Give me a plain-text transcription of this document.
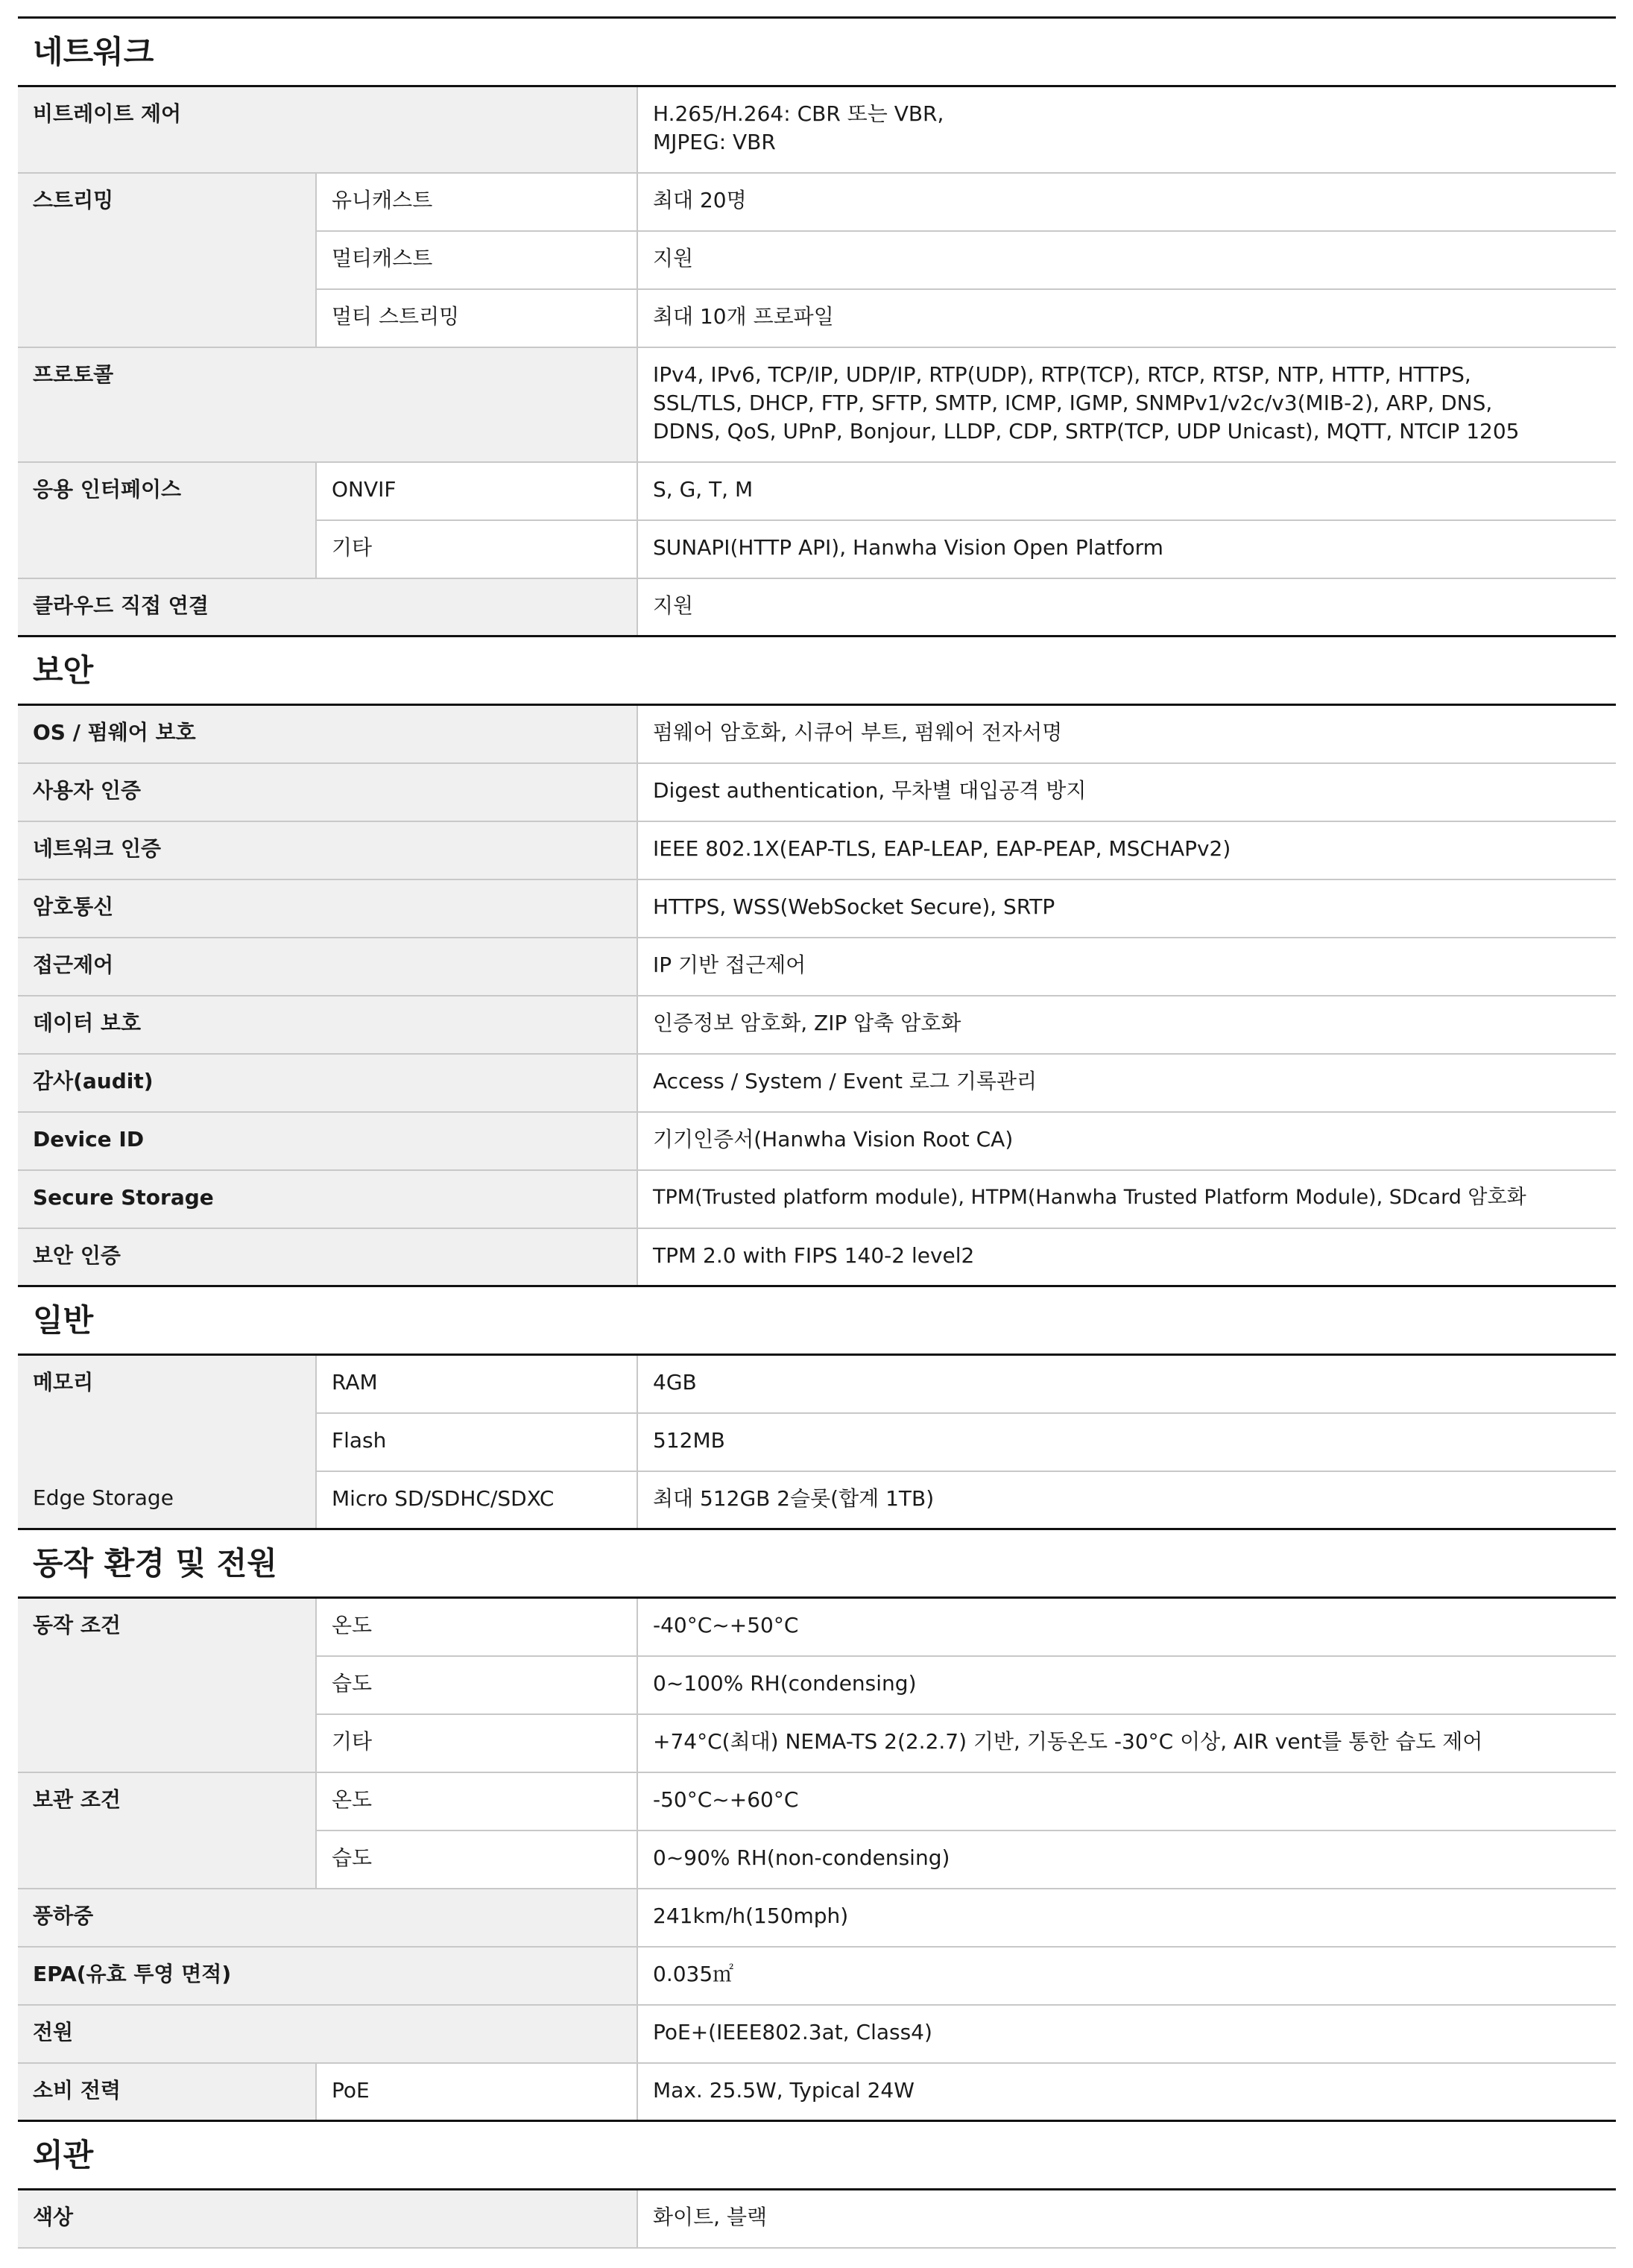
네트워크		
비트레이트 제어		H.265/H.264: CBR 또는 VBR,
MJPEG: VBR

스트리밍	유니캐스트	최대 20명
	멀티캐스트	지원
	멀티 스트리밍	최대 10개 프로파일
프로토콜		IPv4, IPv6, TCP/IP, UDP/IP, RTP(UDP), RTP(TCP), RTCP, RTSP, NTP, HTTP, HTTPS,
SSL/TLS, DHCP, FTP, SFTP, SMTP, ICMP, IGMP, SNMPv1/v2c/v3(MIB-2), ARP, DNS,
DDNS, QoS, UPnP, Bonjour, LLDP, CDP, SRTP(TCP, UDP Unicast), MQTT, NTCIP 1205

응용 인터페이스	ONVIF	S, G, T, M
	기타	SUNAPI(HTTP API), Hanwha Vision Open Platform
클라우드 직접 연결		지원
보안		
OS / 펌웨어 보호		펌웨어 암호화, 시큐어 부트, 펌웨어 전자서명
사용자 인증		Digest authentication, 무차별 대입공격 방지
네트워크 인증		IEEE 802.1X(EAP-TLS, EAP-LEAP, EAP-PEAP, MSCHAPv2)
암호통신		HTTPS, WSS(WebSocket Secure), SRTP
접근제어		IP 기반 접근제어
데이터 보호		인증정보 암호화, ZIP 압축 암호화
감사(audit)		Access / System / Event 로그 기록관리
Device ID		기기인증서(Hanwha Vision Root CA)
Secure Storage		TPM(Trusted platform module), HTPM(Hanwha Trusted Platform Module), SDcard 암호화
보안 인증		TPM 2.0 with FIPS 140-2 level2
일반		
메모리	RAM	4GB
	Flash	512MB
Edge Storage	Micro SD/SDHC/SDXC	최대 512GB 2슬롯(합계 1TB)
동작 환경 및 전원		
동작 조건	온도	-40°C~+50°C
	습도	0~100% RH(condensing)
	기타	+74°C(최대) NEMA-TS 2(2.2.7) 기반, 기동온도 -30°C 이상, AIR vent를 통한 습도 제어
보관 조건	온도	-50°C~+60°C
	습도	0~90% RH(non-condensing)
풍하중		241km/h(150mph)
EPA(유효 투영 면적)		0.035㎡
전원		PoE+(IEEE802.3at, Class4)
소비 전력	PoE	Max. 25.5W, Typical 24W
외관		
색상		화이트, 블랙
